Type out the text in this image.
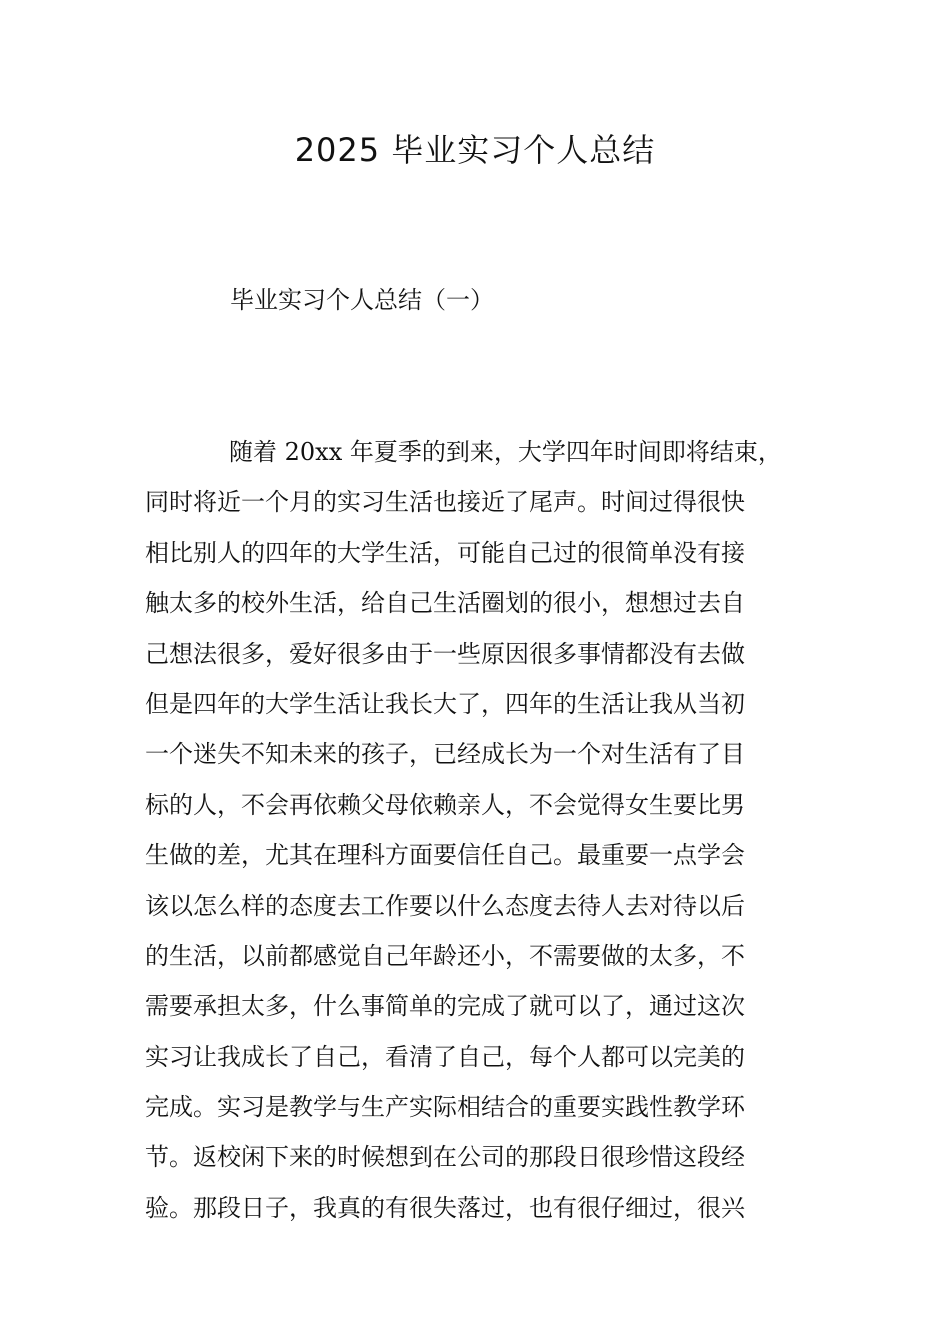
2025 毕业实习个人总结
毕业实习个人总结（一）
随着 20xx 年夏季的到来，大学四年时间即将结束，
同时将近一个月的实习生活也接近了尾声。时间过得很快
相比别人的四年的大学生活，可能自己过的很简单没有接
触太多的校外生活，给自己生活圈划的很小，想想过去自
己想法很多，爱好很多由于一些原因很多事情都没有去做
但是四年的大学生活让我长大了，四年的生活让我从当初
一个迷失不知未来的孩子，已经成长为一个对生活有了目
标的人，不会再依赖父母依赖亲人，不会觉得女生要比男
生做的差，尤其在理科方面要信任自己。最重要一点学会
该以怎么样的态度去工作要以什么态度去待人去对待以后
的生活，以前都感觉自己年龄还小，不需要做的太多，不
需要承担太多，什么事简单的完成了就可以了，通过这次
实习让我成长了自己，看清了自己，每个人都可以完美的
完成。实习是教学与生产实际相结合的重要实践性教学环
节。返校闲下来的时候想到在公司的那段日很珍惜这段经
验。那段日子，我真的有很失落过，也有很仔细过，很兴
